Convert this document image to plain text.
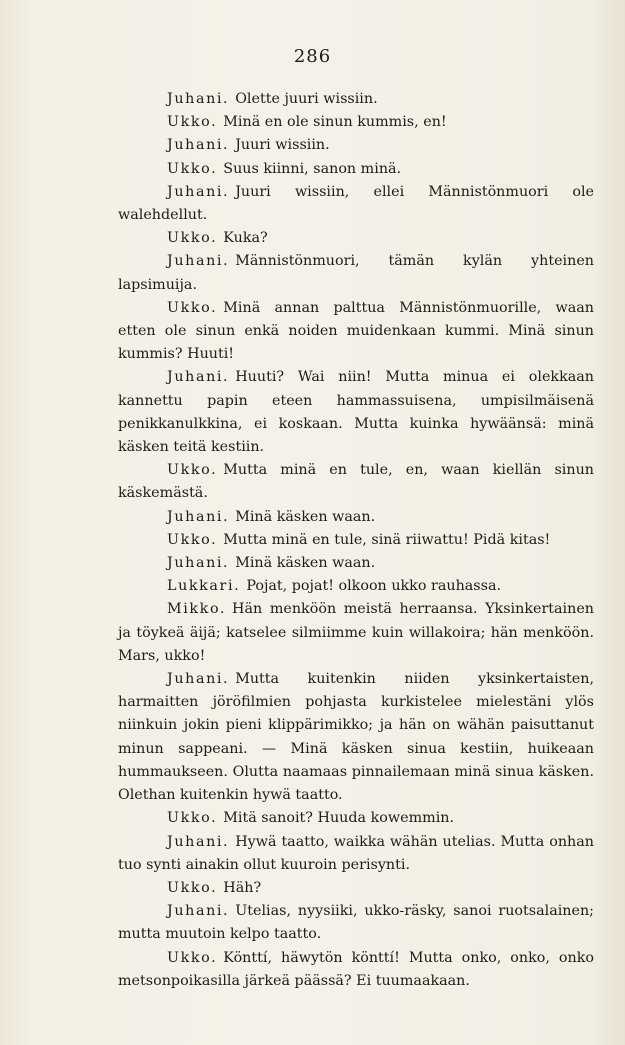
286

Juhani. Olette juuri wissiin.

Ukko. Minä en ole sinun kummis, en!

Juhani. Juuri wissiin.

Ukko. Suus kiinni, sanon minä.

Juhani. Juuri wissiin, ellei Männistönmuori ole walehdellut.

Ukko. Kuka?

Juhani. Männistönmuori, tämän kylän yhteinen lapsimuija.

Ukko. Minä annan palttua Männistönmuorille, waan etten ole sinun enkä noiden muidenkaan kummi. Minä sinun kummis? Huuti!

Juhani. Huuti? Wai niin! Mutta minua ei olekkaan kannettu papin eteen hammassuisena, umpisilmäisenä penikkanulkkina, ei koskaan. Mutta kuinka hywäänsä: minä käsken teitä kestiin.

Ukko. Mutta minä en tule, en, waan kiellän sinun käskemästä.

Juhani. Minä käsken waan.

Ukko. Mutta minä en tule, sinä riiwattu! Pidä kitas!

Juhani. Minä käsken waan.

Lukkari. Pojat, pojat! olkoon ukko rauhassa.

Mikko. Hän menköön meistä herraansa. Yksinkertainen ja töykeä äijä; katselee silmiimme kuin willakoira; hän menköön. Mars, ukko!

Juhani. Mutta kuitenkin niiden yksinkertaisten, harmaitten jöröfilmien pohjasta kurkistelee mielestäni ylös niinkuin jokin pieni klippärimikko; ja hän on wähän paisuttanut minun sappeani. — Minä käsken sinua kestiin, huikeaan hummaukseen. Olutta naamaas pinnailemaan minä sinua käsken. Olethan kuitenkin hywä taatto.

Ukko. Mitä sanoit? Huuda kowemmin.

Juhani. Hywä taatto, waikka wähän utelias. Mutta onhan tuo synti ainakin ollut kuuroin perisynti.

Ukko. Häh?

Juhani. Utelias, nyysiiki, ukko-räsky, sanoi ruotsalainen; mutta muutoin kelpo taatto.

Ukko. Könttí, häwytön könttí! Mutta onko, onko, onko metsonpoikasilla järkeä päässä? Ei tuumaakaan.
